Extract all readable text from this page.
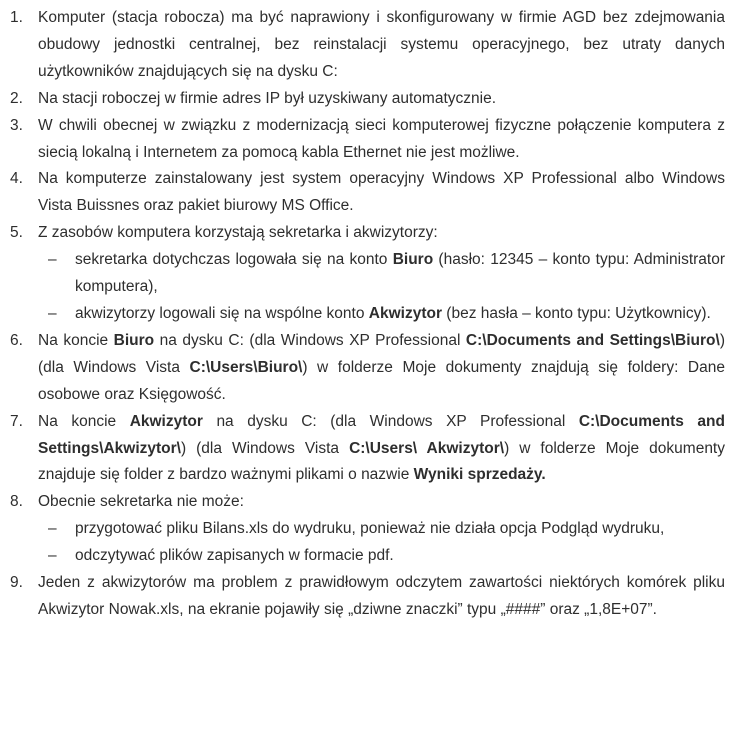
1. Komputer (stacja robocza) ma być naprawiony i skonfigurowany w firmie AGD bez zdejmowania obudowy jednostki centralnej, bez reinstalacji systemu operacyjnego, bez utraty danych użytkowników znajdujących się na dysku C:
2. Na stacji roboczej w firmie adres IP był uzyskiwany automatycznie.
3. W chwili obecnej w związku z modernizacją sieci komputerowej fizyczne połączenie komputera z siecią lokalną i Internetem za pomocą kabla Ethernet nie jest możliwe.
4. Na komputerze zainstalowany jest system operacyjny Windows XP Professional albo Windows Vista Buissnes oraz pakiet biurowy MS Office.
5. Z zasobów komputera korzystają sekretarka i akwizytorzy:
– sekretarka dotychczas logowała się na konto Biuro (hasło: 12345 – konto typu: Administrator komputera),
– akwizytorzy logowali się na wspólne konto Akwizytor (bez hasła – konto typu: Użytkownicy).
6. Na koncie Biuro na dysku C: (dla Windows XP Professional C:\Documents and Settings\Biuro\) (dla Windows Vista C:\Users\Biuro\) w folderze Moje dokumenty znajdują się foldery: Dane osobowe oraz Księgowość.
7. Na koncie Akwizytor na dysku C: (dla Windows XP Professional C:\Documents and Settings\Akwizytor\) (dla Windows Vista C:\Users\ Akwizytor\) w folderze Moje dokumenty znajduje się folder z bardzo ważnymi plikami o nazwie Wyniki sprzedaży.
8. Obecnie sekretarka nie może:
– przygotować pliku Bilans.xls do wydruku, ponieważ nie działa opcja Podgląd wydruku,
– odczytywać plików zapisanych w formacie pdf.
9. Jeden z akwizytorów ma problem z prawidłowym odczytem zawartości niektórych komórek pliku Akwizytor Nowak.xls, na ekranie pojawiły się „dziwne znaczki” typu „####” oraz „1,8E+07”.
